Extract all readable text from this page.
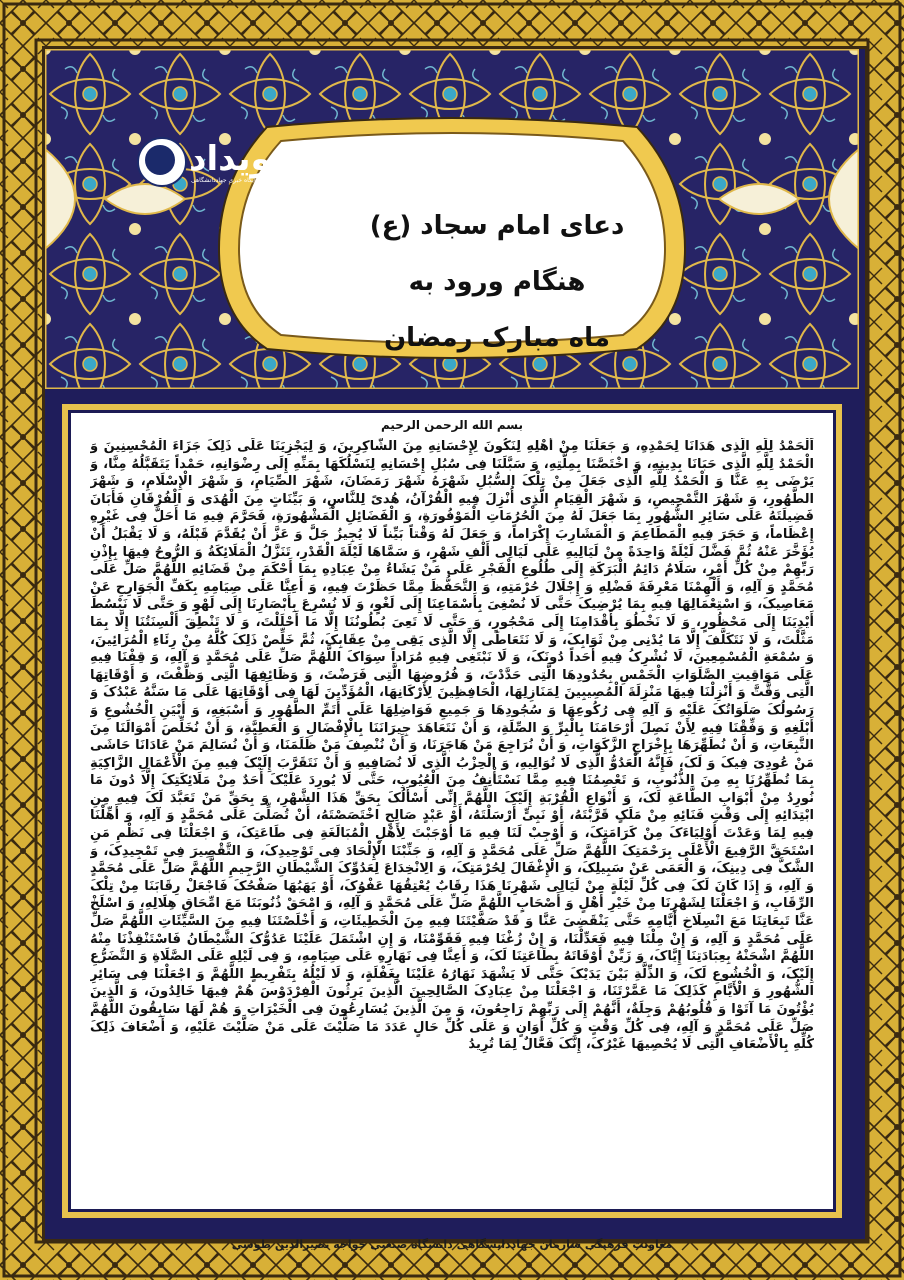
رویداد
پایگاه خبری جهاددانشگاهی
دعای امام سجاد (ع)
هنگام ورود به
ماه مبارک رمضان
بسم الله الرحمن الرحیم
اَلْحَمْدُ لِلَّهِ الَّذِی هَدَانَا لِحَمْدِهِ، وَ جَعَلَنَا مِنْ أَهْلِهِ لِنَکُونَ لِإِحْسَانِهِ مِنَ الشَّاکِرِینَ، وَ لِیَجْزِیَنَا عَلَی ذَلِکَ جَزَاءَ الْمُحْسِنِینَ وَ الْحَمْدُ لِلَّهِ الَّذِی حَبَانَا بِدِینِهِ، وَ اخْتَصَّنَا بِمِلَّتِهِ، وَ سَبَّلَنَا فِی سُبُلِ إِحْسَانِهِ لِنَسْلُکَهَا بِمَنِّهِ إِلَی رِضْوَانِهِ، حَمْداً یَتَقَبَّلُهُ مِنَّا، وَ یَرْضَی بِهِ عَنَّا وَ الْحَمْدُ لِلَّهِ الَّذِی جَعَلَ مِنْ تِلْکَ السُّبُلِ شَهْرَهُ شَهْرَ رَمَضَانَ، شَهْرَ الصِّیَامِ، وَ شَهْرَ الْإِسْلَامِ، وَ شَهْرَ الطَّهُورِ، وَ شَهْرَ التَّمْحِیصِ، وَ شَهْرَ الْقِیَامِ الَّذِی أُنْزِلَ فِیهِ الْقُرْآنُ، هُدیً لِلنَّاسِ، وَ بَیِّنَاتٍ مِنَ الْهُدَی وَ الْفُرْقَانِ فَأَبَانَ فَضِیلَتَهُ عَلَی سَائِرِ الشُّهُورِ بِمَا جَعَلَ لَهُ مِنَ الْحُرُمَاتِ الْمَوْفُورَةِ، وَ الْفَضَائِلِ الْمَشْهُورَةِ، فَحَرَّمَ فِیهِ مَا أَحَلَّ فِی غَیْرِهِ إِعْظَاماً، وَ حَجَرَ فِیهِ الْمَطَاعِمَ وَ الْمَشَارِبَ إِکْرَاماً، وَ جَعَلَ لَهُ وَقْتاً بَیِّناً لَا یُجِیزُ جَلَّ وَ عَزَّ أَنْ یُقَدَّمَ قَبْلَهُ، وَ لَا یَقْبَلُ أَنْ یُؤَخَّرَ عَنْهُ ثُمَّ فَضَّلَ لَیْلَةً وَاحِدَةً مِنْ لَیَالِیهِ عَلَی لَیَالِی أَلْفِ شَهْرٍ، وَ سَمَّاهَا لَیْلَةَ الْقَدْرِ، تَنَزَّلُ الْمَلَائِکَةُ وَ الرُّوحُ فِیهَا بِإِذْنِ رَبِّهِمْ مِنْ کُلِّ أَمْرٍ، سَلَامٌ دَائِمُ الْبَرَکَةِ إِلَی طُلُوعِ الْفَجْرِ عَلَی مَنْ یَشَاءُ مِنْ عِبَادِهِ بِمَا أَحْکَمَ مِنْ قَضَائِهِ اللَّهُمَّ صَلِّ عَلَی مُحَمَّدٍ وَ آلِهِ، وَ أَلْهِمْنَا مَعْرِفَةَ فَضْلِهِ وَ إِجْلَالَ حُرْمَتِهِ، وَ التَّحَفُّظَ مِمَّا حَظَرْتَ فِیهِ، وَ أَعِنَّا عَلَی صِیَامِهِ بِکَفِّ الْجَوَارِحِ عَنْ مَعَاصِیکَ، وَ اسْتِعْمَالِهَا فِیهِ بِمَا یُرْضِیکَ حَتَّی لَا نُصْغِیَ بِأَسْمَاعِنَا إِلَی لَغْوٍ، وَ لَا نُسْرِعَ بِأَبْصَارِنَا إِلَی لَهْوٍ وَ حَتَّی لَا نَبْسُطَ أَیْدِیَنَا إِلَی مَحْظُورٍ، وَ لَا نَخْطُوَ بِأَقْدَامِنَا إِلَی مَحْجُورٍ، وَ حَتَّی لَا تَعِیَ بُطُونُنَا إِلَّا مَا أَحْلَلْتَ، وَ لَا تَنْطِقَ أَلْسِنَتُنَا إِلَّا بِمَا مَثَّلْتَ، وَ لَا نَتَکَلَّفَ إِلَّا مَا یُدْنِی مِنْ ثَوَابِکَ، وَ لَا نَتَعَاطَی إِلَّا الَّذِی یَقِی مِنْ عِقَابِکَ، ثُمَّ خَلِّصْ ذَلِکَ کُلَّهُ مِنْ رِئَاءِ الْمُرَائِینَ، وَ سُمْعَةِ الْمُسْمِعِینَ، لَا نُشْرِکُ فِیهِ أَحَداً دُونَکَ، وَ لَا نَبْتَغِی فِیهِ مُرَاداً سِوَاکَ اللَّهُمَّ صَلِّ عَلَی مُحَمَّدٍ وَ آلِهِ، وَ قِفْنَا فِیهِ عَلَی مَوَاقِیتِ الصَّلَوَاتِ الْخَمْسِ بِحُدُودِهَا الَّتِی حَدَّدْتَ، وَ فُرُوضِهَا الَّتِی فَرَضْتَ، وَ وَظَائِفِهَا الَّتِی وَظَّفْتَ، وَ أَوْقَاتِهَا الَّتِی وَقَّتَّ وَ أَنْزِلْنَا فِیهَا مَنْزِلَةَ الْمُصِیبِینَ لِمَنَازِلِهَا، الْحَافِظِینَ لِأَرْکَانِهَا، الْمُؤَدِّینَ لَهَا فِی أَوْقَاتِهَا عَلَی مَا سَنَّهُ عَبْدُکَ وَ رَسُولُکَ صَلَوَاتُکَ عَلَیْهِ وَ آلِهِ فِی رُکُوعِهَا وَ سُجُودِهَا وَ جَمِیعِ فَوَاضِلِهَا عَلَی أَتَمِّ الطَّهُورِ وَ أَسْبَغِهِ، وَ أَبْیَنِ الْخُشُوعِ وَ أَبْلَغِهِ وَ وَفِّقْنَا فِیهِ لِأَنْ نَصِلَ أَرْحَامَنَا بِالْبِرِّ وَ الصِّلَةِ، وَ أَنْ نَتَعَاهَدَ جِیرَانَنَا بِالْإِفْضَالِ وَ الْعَطِیَّةِ، وَ أَنْ نُخَلِّصَ أَمْوَالَنَا مِنَ التَّبِعَاتِ، وَ أَنْ نُطَهِّرَهَا بِإِخْرَاجِ الزَّکَوَاتِ، وَ أَنْ نُرَاجِعَ مَنْ هَاجَرَنَا، وَ أَنْ نُنْصِفَ مَنْ ظَلَمَنَا، وَ أَنْ نُسَالِمَ مَنْ عَادَانَا حَاشَی مَنْ عُودِیَ فِیکَ وَ لَکَ، فَإِنَّهُ الْعَدُوُّ الَّذِی لَا نُوَالِیهِ، وَ الْحِزْبُ الَّذِی لَا نُصَافِیهِ وَ أَنْ نَتَقَرَّبَ إِلَیْکَ فِیهِ مِنَ الْأَعْمَالِ الزَّاکِیَةِ بِمَا تُطَهِّرُنَا بِهِ مِنَ الذُّنُوبِ، وَ تَعْصِمُنَا فِیهِ مِمَّا نَسْتَأْنِفُ مِنَ الْعُیُوبِ، حَتَّی لَا یُورِدَ عَلَیْکَ أَحَدٌ مِنْ مَلَائِکَتِکَ إِلَّا دُونَ مَا نُورِدُ مِنْ أَبْوَابِ الطَّاعَةِ لَکَ، وَ أَنْوَاعِ الْقُرْبَةِ إِلَیْکَ اللَّهُمَّ إِنِّی أَسْأَلُکَ بِحَقِّ هَذَا الشَّهْرِ، وَ بِحَقِّ مَنْ تَعَبَّدَ لَکَ فِیهِ مِنِ ابْتِدَائِهِ إِلَی وَقْتِ فَنَائِهِ مِنْ مَلَکٍ قَرَّبْتَهُ، أَوْ نَبِیٍّ أَرْسَلْتَهُ، أَوْ عَبْدٍ صَالِحٍ اخْتَصَصْتَهُ، أَنْ تُصَلِّیَ عَلَی مُحَمَّدٍ وَ آلِهِ، وَ أَهِّلْنَا فِیهِ لِمَا وَعَدْتَ أَوْلِیَاءَکَ مِنْ کَرَامَتِکَ، وَ أَوْجِبْ لَنَا فِیهِ مَا أَوْجَبْتَ لِأَهْلِ الْمُبَالَغَةِ فِی طَاعَتِکَ، وَ اجْعَلْنَا فِی نَظْمِ مَنِ اسْتَحَقَّ الرَّفِیعَ الْأَعْلَی بِرَحْمَتِکَ اللَّهُمَّ صَلِّ عَلَی مُحَمَّدٍ وَ آلِهِ، وَ جَنِّبْنَا الْإِلْحَادَ فِی تَوْحِیدِکَ، وَ التَّقْصِیرَ فِی تَمْجِیدِکَ، وَ الشَّکَّ فِی دِینِکَ، وَ الْعَمَی عَنْ سَبِیلِکَ، وَ الْإِغْفَالَ لِحُرْمَتِکَ، وَ الِانْخِدَاعَ لِعَدُوِّکَ الشَّیْطَانِ الرَّجِیمِ اللَّهُمَّ صَلِّ عَلَی مُحَمَّدٍ وَ آلِهِ، وَ إِذَا کَانَ لَکَ فِی کُلِّ لَیْلَةٍ مِنْ لَیَالِی شَهْرِنَا هَذَا رِقَابٌ یُعْتِقُهَا عَفْوُکَ، أَوْ یَهَبُهَا صَفْحُکَ فَاجْعَلْ رِقَابَنَا مِنْ تِلْکَ الرِّقَابِ، وَ اجْعَلْنَا لِشَهْرِنَا مِنْ خَیْرِ أَهْلٍ وَ أَصْحَابٍ اللَّهُمَّ صَلِّ عَلَی مُحَمَّدٍ وَ آلِهِ، وَ امْحَقْ ذُنُوبَنَا مَعَ امِّحَاقِ هِلَالِهِ، وَ اسْلَخْ عَنَّا تَبِعَاتِنَا مَعَ انْسِلَاخِ أَیَّامِهِ حَتَّی یَنْقَضِیَ عَنَّا وَ قَدْ صَفَّیْتَنَا فِیهِ مِنَ الْخَطِیئَاتِ، وَ أَخْلَصْتَنَا فِیهِ مِنَ السَّیِّئَاتِ اللَّهُمَّ صَلِّ عَلَی مُحَمَّدٍ وَ آلِهِ، وَ إِنْ مِلْنَا فِیهِ فَعَدِّلْنَا، وَ إِنْ زُغْنَا فِیهِ فَقَوِّمْنَا، وَ إِنِ اشْتَمَلَ عَلَیْنَا عَدُوُّکَ الشَّیْطَانُ فَاسْتَنْقِذْنَا مِنْهُ اللَّهُمَّ اشْحَنْهُ بِعِبَادَتِنَا إِیَّاکَ، وَ زَیِّنْ أَوْقَاتَهُ بِطَاعَتِنَا لَکَ، وَ أَعِنَّا فِی نَهَارِهِ عَلَی صِیَامِهِ، وَ فِی لَیْلِهِ عَلَی الصَّلَاةِ وَ التَّضَرُّعِ إِلَیْکَ، وَ الْخُشُوعِ لَکَ، وَ الذِّلَّةِ بَیْنَ یَدَیْکَ حَتَّی لَا یَشْهَدَ نَهَارُهُ عَلَیْنَا بِغَفْلَةٍ، وَ لَا لَیْلُهُ بِتَفْرِیطٍ اللَّهُمَّ وَ اجْعَلْنَا فِی سَائِرِ الشُّهُورِ وَ الْأَیَّامِ کَذَلِکَ مَا عَمَّرْتَنَا، وَ اجْعَلْنَا مِنْ عِبَادِکَ الصَّالِحِینَ الَّذِینَ یَرِثُونَ الْفِرْدَوْسَ هُمْ فِیهَا خَالِدُونَ، وَ الَّذِینَ یُؤْتُونَ مَا آتَوْا وَ قُلُوبُهُمْ وَجِلَةٌ، أَنَّهُمْ إِلَی رَبِّهِمْ رَاجِعُونَ، وَ مِنَ الَّذِینَ یُسَارِعُونَ فِی الْخَیْرَاتِ وَ هُمْ لَهَا سَابِقُونَ اللَّهُمَّ صَلِّ عَلَی مُحَمَّدٍ وَ آلِهِ، فِی کُلِّ وَقْتٍ وَ کُلِّ أَوَانٍ وَ عَلَی کُلِّ حَالٍ عَدَدَ مَا صَلَّیْتَ عَلَی مَنْ صَلَّیْتَ عَلَیْهِ، وَ أَضْعَافَ ذَلِکَ کُلِّهِ بِالْأَضْعَافِ الَّتِی لَا یُحْصِیهَا غَیْرُکَ، إِنَّکَ فَعَّالٌ لِمَا تُرِیدُ
معاونت فرهنگی سازمان جهاددانشگاهی دانشگاه صنعتی خواجه نصیرالدین طوسی
